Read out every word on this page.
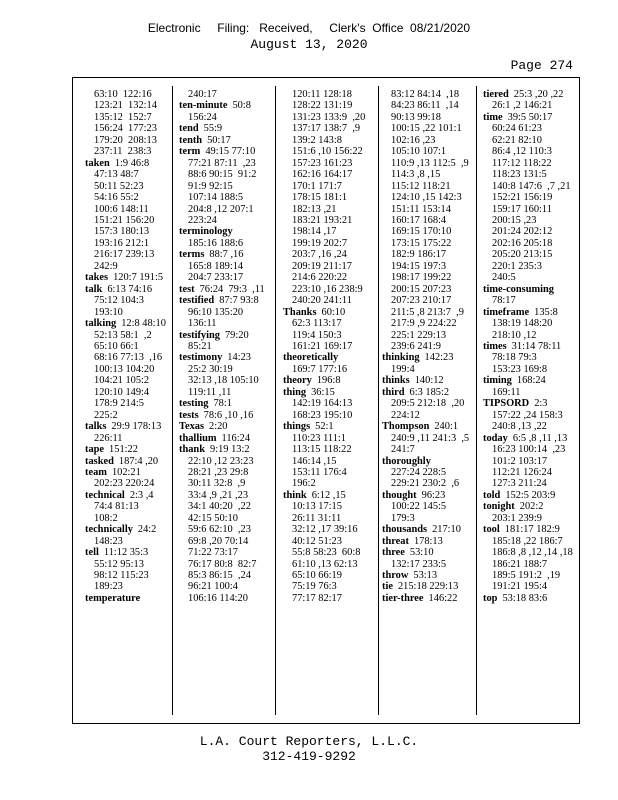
Electronic     Filing:   Received,     Clerk's  Office  08/21/2020
August 13, 2020
Page 274
63:10  122:16
123:21  132:14
135:12  152:7
156:24  177:23
179:20  208:13
237:11  238:3
taken 1:9 46:8
47:13 48:7
50:11 52:23
54:16 55:2
100:6 148:11
151:21 156:20
157:3 180:13
193:16 212:1
216:17 239:13
242:9
takes 120:7 191:5
talk 6:13 74:16
75:12 104:3
193:10
talking 12:8 48:10
52:13 58:1  ,2
65:10 66:1
68:16 77:13  ,16
100:13 104:20
104:21 105:2
120:10 149:4
178:9 214:5
225:2
talks 29:9 178:13
226:11
tape 151:22
tasked 187:4 ,20
team 102:21
202:23 220:24
technical 2:3 ,4
74:4 81:13
108:2
technically 24:2
148:23
tell 11:12 35:3
55:12 95:13
98:12 115:23
189:23
temperature
240:17
ten-minute 50:8
156:24
tend 55:9
tenth 50:17
term 49:15 77:10
77:21 87:11  ,23
88:6 90:15  91:2
91:9 92:15
107:14 188:5
204:8 ,12 207:1
223:24
terminology
185:16 188:6
terms 88:7 ,16
165:8 189:14
204:7 233:17
test 76:24  79:3  ,11
testified 87:7 93:8
96:10 135:20
136:11
testifying 79:20
85:21
testimony 14:23
25:2 30:19
32:13 ,18 105:10
119:11 ,11
testing 78:1
tests 78:6 ,10 ,16
Texas 2:20
thallium 116:24
thank 9:19 13:2
22:10 ,12 23:23
28:21 ,23 29:8
30:11 32:8  ,9
33:4 ,9 ,21 ,23
34:1 40:20  ,22
42:15 50:10
59:6 62:10  ,23
69:8 ,20 70:14
71:22 73:17
76:17 80:8  82:7
85:3 86:15  ,24
96:21 100:4
106:16 114:20
120:11 128:18
128:22 131:19
131:23 133:9  ,20
137:17 138:7  ,9
139:2 143:8
151:6 ,10 156:22
157:23 161:23
162:16 164:17
170:1 171:7
178:15 181:1
182:13 ,21
183:21 193:21
198:14 ,17
199:19 202:7
203:7 ,16 ,24
209:19 211:17
214:6 220:22
223:10 ,16 238:9
240:20 241:11
Thanks 60:10
62:3 113:17
119:4 150:3
161:21 169:17
theoretically
169:7 177:16
theory 196:8
thing 36:15
142:19 164:13
168:23 195:10
things 52:1
110:23 111:1
113:15 118:22
146:14 ,15
153:11 176:4
196:2
think 6:12 ,15
10:13 17:15
26:11 31:11
32:12 ,17 39:16
40:12 51:23
55:8 58:23  60:8
61:10 ,13 62:13
65:10 66:19
75:19 76:3
77:17 82:17
83:12 84:14  ,18
84:23 86:11  ,14
90:13 99:18
100:15 ,22 101:1
102:16 ,23
105:10 107:1
110:9 ,13 112:5  ,9
114:3 ,8 ,15
115:12 118:21
124:10 ,15 142:3
151:11 153:14
160:17 168:4
169:15 170:10
173:15 175:22
182:9 186:17
194:15 197:3
198:17 199:22
200:15 207:23
207:23 210:17
211:5 ,8 213:7  ,9
217:9 ,9 224:22
225:1 229:13
239:6 241:9
thinking 142:23
199:4
thinks 140:12
third 6:3 185:2
209:5 212:18  ,20
224:12
Thompson 240:1
240:9 ,11 241:3  ,5
241:7
thoroughly
227:24 228:5
229:21 230:2  ,6
thought 96:23
100:22 145:5
179:3
thousands 217:10
threat 178:13
three 53:10
132:17 233:5
throw 53:13
tie 215:18 229:13
tier-three 146:22
tiered 25:3 ,20 ,22
26:1 ,2 146:21
time 39:5 50:17
60:24 61:23
62:21 82:10
86:4 ,12 110:3
117:12 118:22
118:23 131:5
140:8 147:6  ,7 ,21
152:21 156:19
159:17 160:11
200:15 ,23
201:24 202:12
202:16 205:18
205:20 213:15
220:1 235:3
240:5
time-consuming
78:17
timeframe 135:8
138:19 148:20
218:10 ,12
times 31:14 78:11
78:18 79:3
153:23 169:8
timing 168:24
169:11
TIPSORD 2:3
157:22 ,24 158:3
240:8 ,13 ,22
today 6:5 ,8 ,11 ,13
16:23 100:14  ,23
101:2 103:17
112:21 126:24
127:3 211:24
told 152:5 203:9
tonight 202:2
203:1 239:9
tool 181:17 182:9
185:18 ,22 186:7
186:8 ,8 ,12 ,14 ,18
186:21 188:7
189:5 191:2  ,19
191:21 195:4
top 53:18 83:6
L.A. Court Reporters, L.L.C.
312-419-9292
